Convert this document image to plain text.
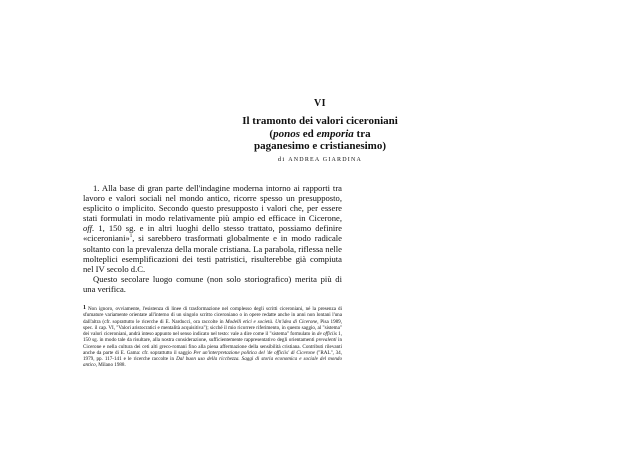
VI
Il tramonto dei valori ciceroniani
(ponos ed emporia tra
paganesimo e cristianesimo)
di ANDREA GIARDINA

1. Alla base di gran parte dell'indagine moderna intorno ai rapporti tra lavoro e valori sociali nel mondo antico, ricorre spesso un presupposto, esplicito o implicito. Secondo questo presupposto i valori che, per essere stati formulati in modo relativamente più ampio ed efficace in Cicerone, off. 1, 150 sg. e in altri luoghi dello stesso trattato, possiamo definire «ciceroniani»$^1$, si sarebbero trasformati globalmente e in modo radicale soltanto con la prevalenza della morale cristiana. La parabola, riflessa nelle molteplici esemplificazioni dei testi patristici, risulterebbe già compiuta nel IV secolo d.C.

Questo secolare luogo comune (non solo storiografico) merita più di una verifica.

1 Non ignoro, ovviamente, l'esistenza di linee di trasformazione nel complesso degli scritti ciceroniani, né la presenza di sfumature variamente orientate all'interno di un singolo scritto ciceroniano o in opere redatte anche in anni non lontani l'una dall'altra (cfr. soprattutto le ricerche di E. Narducci, ora raccolte in Modelli etici e società. Un'idea di Cicerone, Pisa 1989, spec. il cap. VI, "Valori aristocratici e mentalità acquisitiva"); sicché il mio ricorrere riferimento, in questo saggio, al "sistema" dei valori ciceroniani, andrà inteso appunto nel senso indicato nel testo: vale a dire come il "sistema" formulato in de officiis 1, 150 sg. in modo tale da risultare, alla nostra considerazione, sufficientemente rappresentativo degli orientamenti prevalenti in Cicerone e nella cultura dei ceti alti greco-romani fino alla piena affermazione della sensibilità cristiana. Contributi rilevanti anche da parte di E. Gama: cfr. soprattutto il saggio Per un'interpretazione politica del 'de officiis' di Cicerone ("RAL", 34, 1979, pp. 117-141 e le ricerche raccolte in Dal buon uso della ricchezza. Saggi di storia economica e sociale del mondo antico, Milano 1988.
